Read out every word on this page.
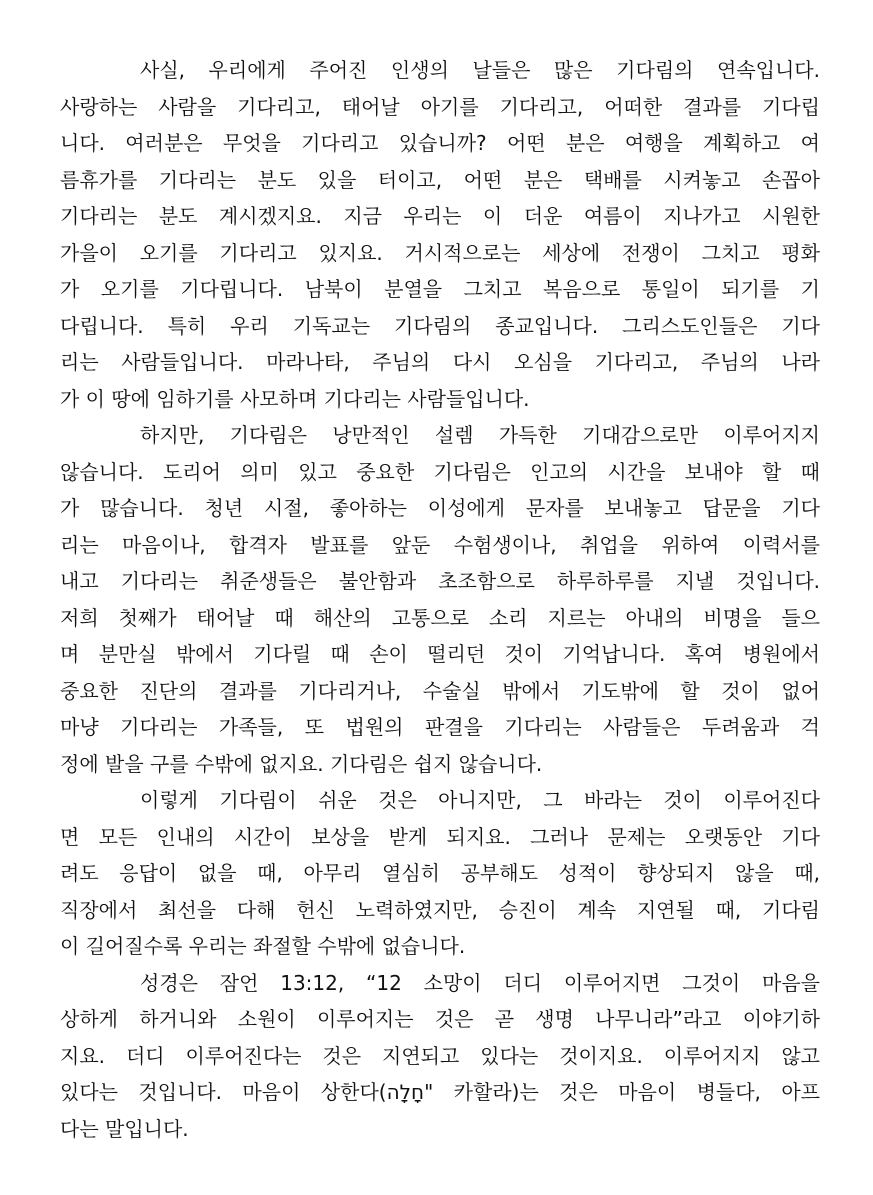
사실, 우리에게 주어진 인생의 날들은 많은 기다림의 연속입니다.
사랑하는 사람을 기다리고, 태어날 아기를 기다리고, 어떠한 결과를 기다립
니다. 여러분은 무엇을 기다리고 있습니까? 어떤 분은 여행을 계획하고 여
름휴가를 기다리는 분도 있을 터이고, 어떤 분은 택배를 시켜놓고 손꼽아
기다리는 분도 계시겠지요. 지금 우리는 이 더운 여름이 지나가고 시원한
가을이 오기를 기다리고 있지요. 거시적으로는 세상에 전쟁이 그치고 평화
가 오기를 기다립니다. 남북이 분열을 그치고 복음으로 통일이 되기를 기
다립니다. 특히 우리 기독교는 기다림의 종교입니다. 그리스도인들은 기다
리는 사람들입니다. 마라나타, 주님의 다시 오심을 기다리고, 주님의 나라
가 이 땅에 임하기를 사모하며 기다리는 사람들입니다.
하지만, 기다림은 낭만적인 설렘 가득한 기대감으로만 이루어지지
않습니다. 도리어 의미 있고 중요한 기다림은 인고의 시간을 보내야 할 때
가 많습니다. 청년 시절, 좋아하는 이성에게 문자를 보내놓고 답문을 기다
리는 마음이나, 합격자 발표를 앞둔 수험생이나, 취업을 위하여 이력서를
내고 기다리는 취준생들은 불안함과 초조함으로 하루하루를 지낼 것입니다.
저희 첫째가 태어날 때 해산의 고통으로 소리 지르는 아내의 비명을 들으
며 분만실 밖에서 기다릴 때 손이 떨리던 것이 기억납니다. 혹여 병원에서
중요한 진단의 결과를 기다리거나, 수술실 밖에서 기도밖에 할 것이 없어
마냥 기다리는 가족들, 또 법원의 판결을 기다리는 사람들은 두려움과 걱
정에 발을 구를 수밖에 없지요. 기다림은 쉽지 않습니다.
이렇게 기다림이 쉬운 것은 아니지만, 그 바라는 것이 이루어진다
면 모든 인내의 시간이 보상을 받게 되지요. 그러나 문제는 오랫동안 기다
려도 응답이 없을 때, 아무리 열심히 공부해도 성적이 향상되지 않을 때,
직장에서 최선을 다해 헌신 노력하였지만, 승진이 계속 지연될 때, 기다림
이 길어질수록 우리는 좌절할 수밖에 없습니다.
성경은 잠언 13:12, “12 소망이 더디 이루어지면 그것이 마음을
상하게 하거니와 소원이 이루어지는 것은 곧 생명 나무니라”라고 이야기하
지요. 더디 이루어진다는 것은 지연되고 있다는 것이지요. 이루어지지 않고
있다는 것입니다. 마음이 상한다(חָלָה" 카할라)는 것은 마음이 병들다, 아프
다는 말입니다.
